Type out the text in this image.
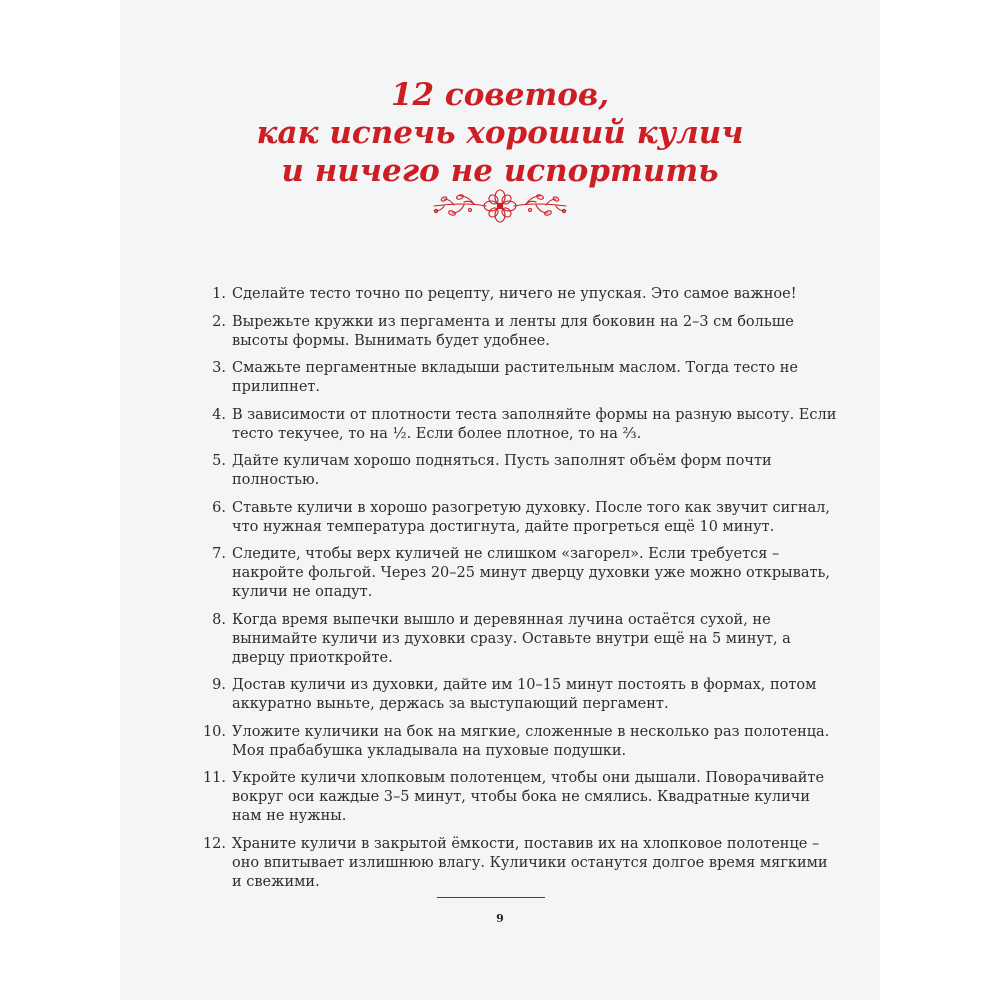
12 советов,
как испечь хороший кулич
и ничего не испортить
1. Сделайте тесто точно по рецепту, ничего не упуская. Это самое важное!
2. Вырежьте кружки из пергамента и ленты для боковин на 2–3 см больше высоты формы. Вынимать будет удобнее.
3. Смажьте пергаментные вкладыши растительным маслом. Тогда тесто не прилипнет.
4. В зависимости от плотности теста заполняйте формы на разную высоту. Если тесто текучее, то на ½. Если более плотное, то на ⅔.
5. Дайте куличам хорошо подняться. Пусть заполнят объём форм почти полностью.
6. Ставьте куличи в хорошо разогретую духовку. После того как звучит сигнал, что нужная температура достигнута, дайте прогреться ещё 10 минут.
7. Следите, чтобы верх куличей не слишком «загорел». Если требуется – накройте фольгой. Через 20–25 минут дверцу духовки уже можно открывать, куличи не опадут.
8. Когда время выпечки вышло и деревянная лучина остаётся сухой, не вынимайте куличи из духовки сразу. Оставьте внутри ещё на 5 минут, а дверцу приоткройте.
9. Достав куличи из духовки, дайте им 10–15 минут постоять в формах, потом аккуратно выньте, держась за выступающий пергамент.
10. Уложите куличики на бок на мягкие, сложенные в несколько раз полотенца. Моя прабабушка укладывала на пуховые подушки.
11. Укройте куличи хлопковым полотенцем, чтобы они дышали. Поворачивайте вокруг оси каждые 3–5 минут, чтобы бока не смялись. Квадратные куличи нам не нужны.
12. Храните куличи в закрытой ёмкости, поставив их на хлопковое полотенце – оно впитывает излишнюю влагу. Куличики останутся долгое время мягкими и свежими.
9
